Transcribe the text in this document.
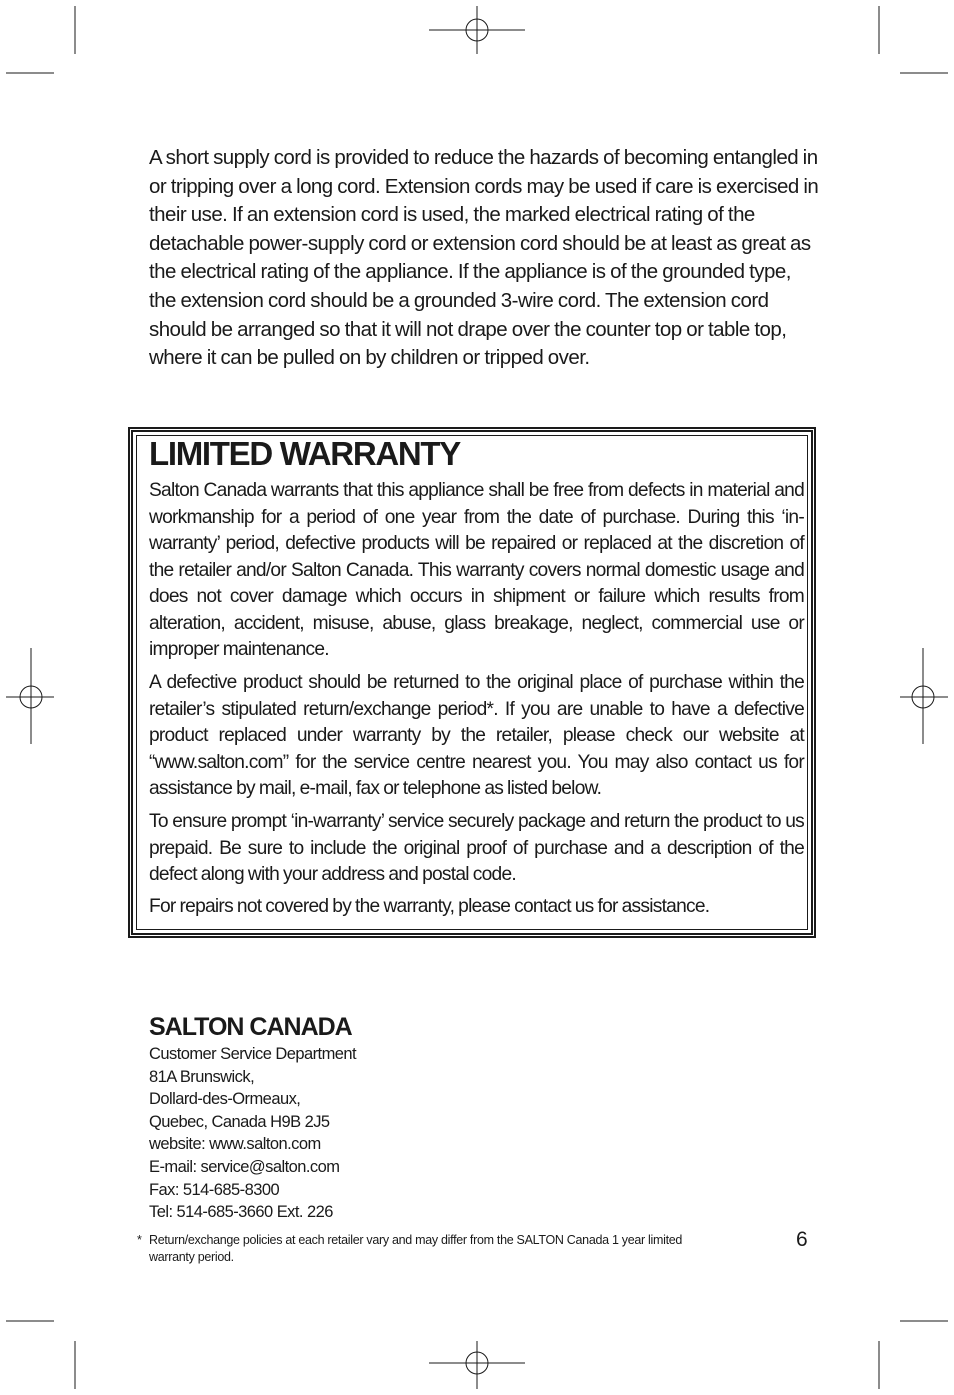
A short supply cord is provided to reduce the hazards of becoming entangled in or tripping over a long cord. Extension cords may be used if care is exercised in their use. If an extension cord is used, the marked electrical rating of the detachable power-supply cord or extension cord should be at least as great as the electrical rating of the appliance. If the appliance is of the grounded type, the extension cord should be a grounded 3-wire cord. The extension cord should be arranged so that it will not drape over the counter top or table top, where it can be pulled on by children or tripped over.

LIMITED WARRANTY

Salton Canada warrants that this appliance shall be free from defects in material and workmanship for a period of one year from the date of purchase. During this ‘in-warranty’ period, defective products will be repaired or replaced at the discretion of the retailer and/or Salton Canada. This warranty covers normal domestic usage and does not cover damage which occurs in shipment or failure which results from alteration, accident, misuse, abuse, glass breakage, neglect, commercial use or improper maintenance.

A defective product should be returned to the original place of purchase within the retailer’s stipulated return/exchange period*. If you are unable to have a defective product replaced under warranty by the retailer, please check our website at “www.salton.com” for the service centre nearest you. You may also contact us for assistance by mail, e-mail, fax or telephone as listed below.

To ensure prompt ‘in-warranty’ service securely package and return the product to us prepaid. Be sure to include the original proof of purchase and a description of the defect along with your address and postal code.

For repairs not covered by the warranty, please contact us for assistance.

SALTON CANADA
Customer Service Department
81A Brunswick,
Dollard-des-Ormeaux,
Quebec, Canada H9B 2J5
website: www.salton.com
E-mail: service@salton.com
Fax: 514-685-8300
Tel: 514-685-3660 Ext. 226

* Return/exchange policies at each retailer vary and may differ from the SALTON Canada 1 year limited warranty period.

6
